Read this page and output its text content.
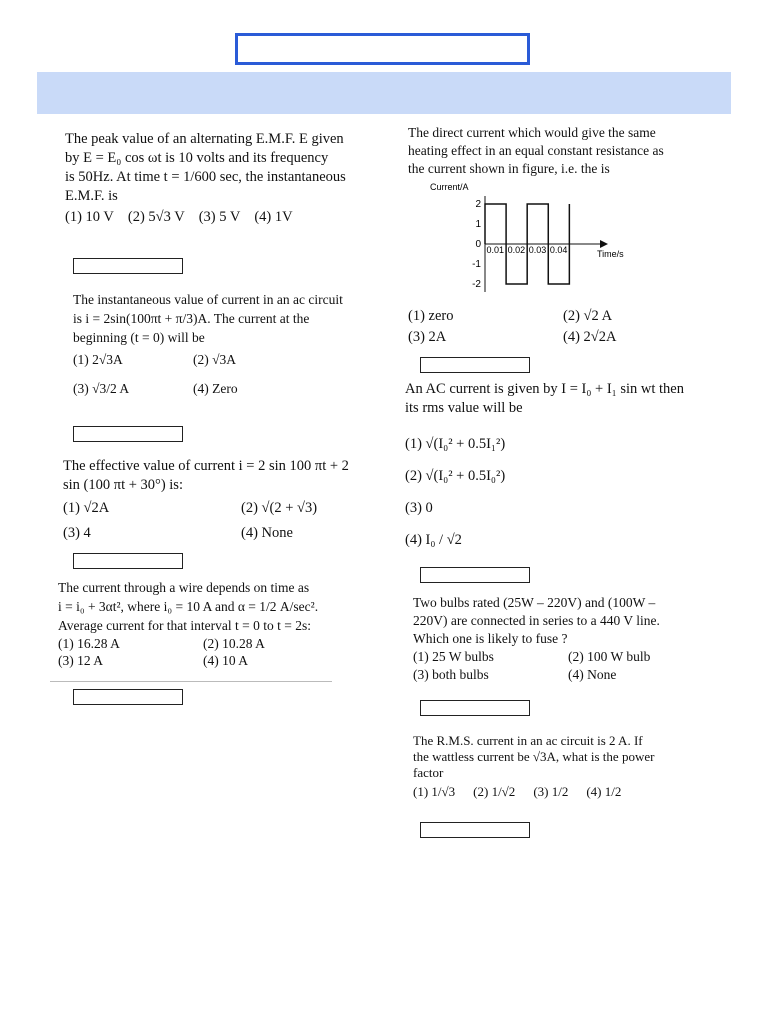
The peak value of an alternating E.M.F. E given

by E = E₀ cos ωt is 10 volts and its frequency

is 50Hz. At time t = 1/600 sec, the instantaneous

E.M.F. is

(1) 10 V (2) 5√3 V (3) 5 V (4) 1V

The instantaneous value of current in an ac circuit

is i = 2sin(100πt + π/3)A. The current at the

beginning (t = 0) will be

(1) 2√3A	(2) √3A
(3) √3/2 A	(4) Zero

The effective value of current i = 2 sin 100 πt + 2

sin (100 πt + 30°) is:

(1) √2A	(2) √(2 + √3)
(3) 4	(4) None

The current through a wire depends on time as

i = i₀ + 3αt², where i₀ = 10 A and α = 1/2 A/sec².

Average current for that interval t = 0 to t = 2s:

(1) 16.28 A	(2) 10.28 A
(3) 12 A	(4) 10 A

The direct current which would give the same

heating effect in an equal constant resistance as

the current shown in figure, i.e. the is

Current/A
Time/s
2
1
0
-1
-2
0.01 0.02 0.03 0.04
(1) zero	(2) √2 A
(3) 2A	(4) 2√2A

An AC current is given by I = I₀ + I₁ sin wt then

its rms value will be

(1) √(I₀² + 0.5I₁²)
(2) √(I₀² + 0.5I₀²)
(3) 0
(4) I₀ / √2

Two bulbs rated (25W – 220V) and (100W –

220V) are connected in series to a 440 V line.

Which one is likely to fuse ?

(1) 25 W bulbs	(2) 100 W bulb
(3) both bulbs	(4) None

The R.M.S. current in an ac circuit is 2 A. If

the wattless current be √3A, what is the power

factor

(1) 1/√3 (2) 1/√2 (3) 1/2 (4) 1/2
